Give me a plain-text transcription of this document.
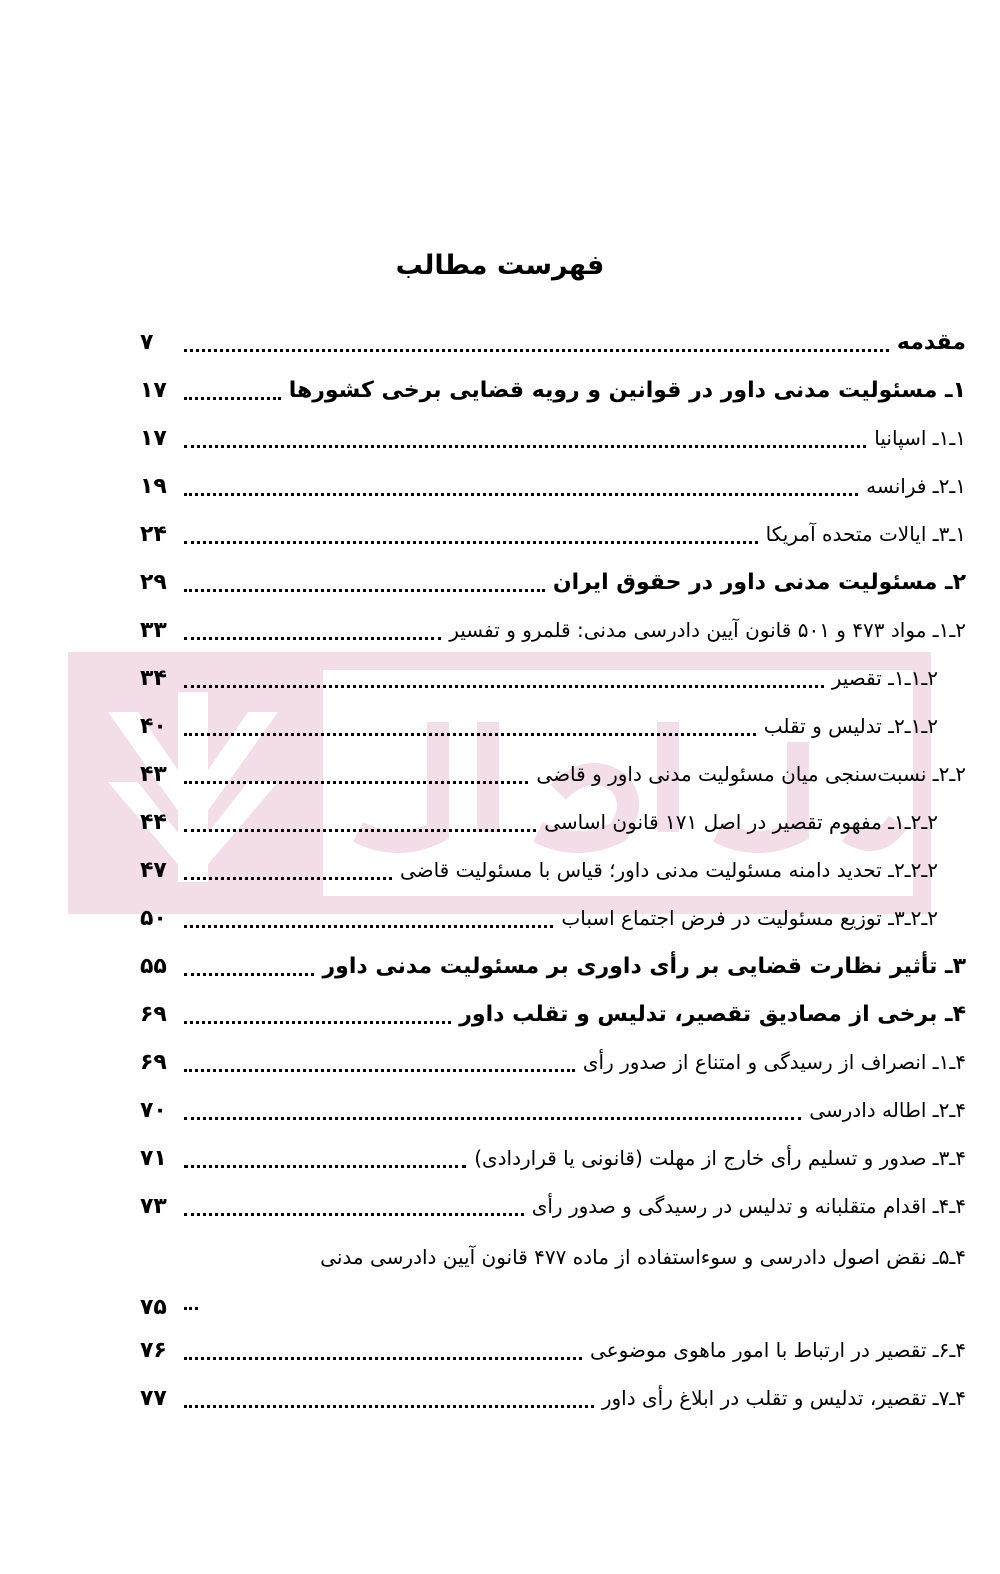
فهرست مطالب
مقدمه
۷
۱ـ مسئولیت مدنی داور در قوانین و رویه قضایی برخی کشورها
۱۷
۱ـ۱ـ اسپانیا
۱۷
۱ـ۲ـ فرانسه
۱۹
۱ـ۳ـ ایالات متحده آمریکا
۲۴
۲ـ مسئولیت مدنی داور در حقوق ایران
۲۹
۲ـ۱ـ مواد ۴۷۳ و ۵۰۱ قانون آیین دادرسی مدنی: قلمرو و تفسیر
۳۳
۲ـ۱ـ۱ـ تقصیر
۳۴
۲ـ۱ـ۲ـ تدلیس و تقلب
۴۰
۲ـ۲ـ نسبت‌سنجی میان مسئولیت مدنی داور و قاضی
۴۳
۲ـ۲ـ۱ـ مفهوم تقصیر در اصل ۱۷۱ قانون اساسی
۴۴
۲ـ۲ـ۲ـ تحدید دامنه مسئولیت مدنی داور؛ قیاس با مسئولیت قاضی
۴۷
۲ـ۲ـ۳ـ توزیع مسئولیت در فرض اجتماع اسباب
۵۰
۳ـ تأثیر نظارت قضایی بر رأی داوری بر مسئولیت مدنی داور
۵۵
۴ـ برخی از مصادیق تقصیر، تدلیس و تقلب داور
۶۹
۴ـ۱ـ انصراف از رسیدگی و امتناع از صدور رأی
۶۹
۴ـ۲ـ اطاله دادرسی
۷۰
۴ـ۳ـ صدور و تسلیم رأی خارج از مهلت (قانونی یا قراردادی)
۷۱
۴ـ۴ـ اقدام متقلبانه و تدلیس در رسیدگی و صدور رأی
۷۳
۴ـ۵ـ نقض اصول دادرسی و سوءاستفاده از ماده ۴۷۷ قانون آیین دادرسی مدنی
۷۵
۴ـ۶ـ تقصیر در ارتباط با امور ماهوی موضوعی
۷۶
۴ـ۷ـ تقصیر، تدلیس و تقلب در ابلاغ رأی داور
۷۷
